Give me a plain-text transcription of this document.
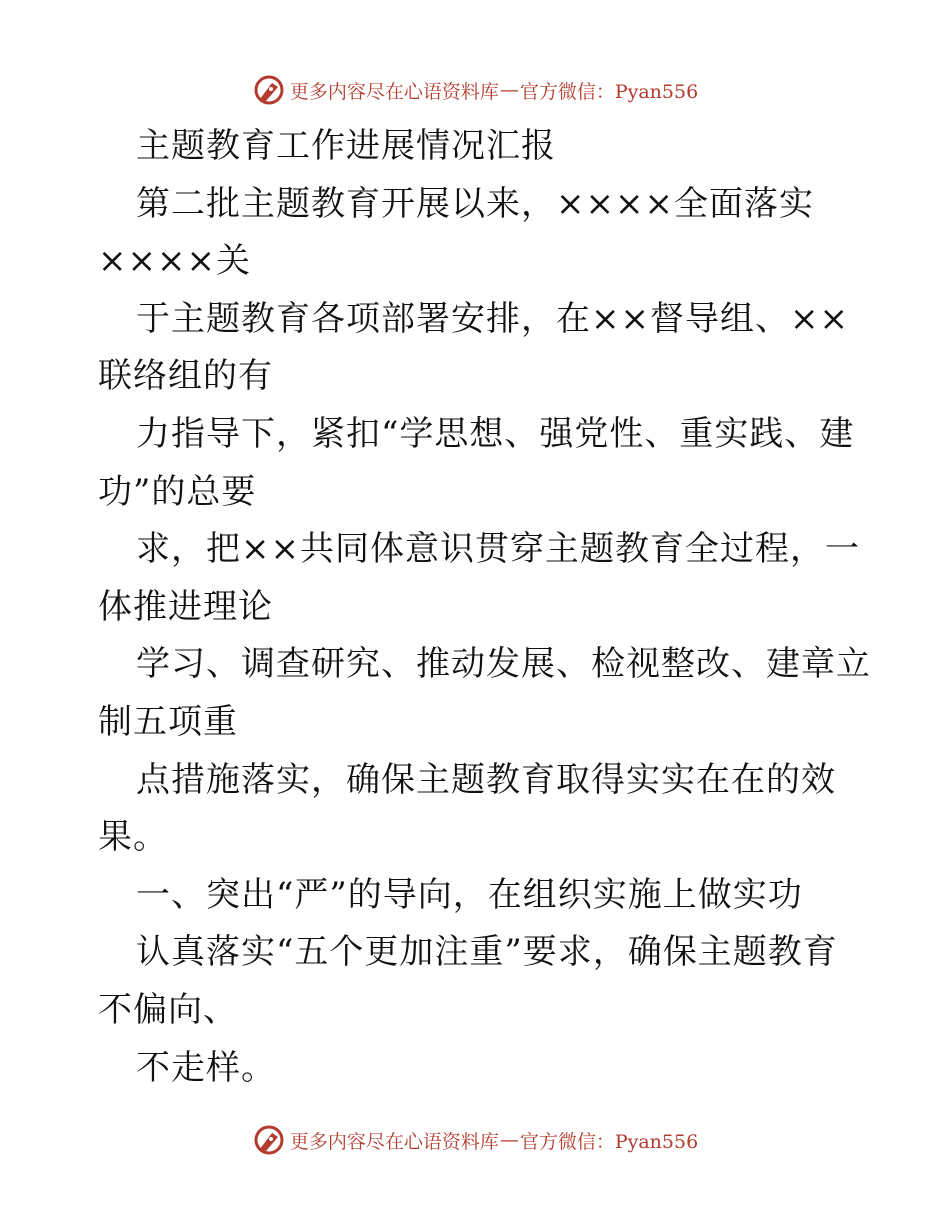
更多内容尽在心语资料库 — 官方微信：Pyan556
主题教育工作进展情况汇报
第二批主题教育开展以来，××××全面落实
××××关
于主题教育各项部署安排，在××督导组、××
联络组的有
力指导下，紧扣“学思想、强党性、重实践、建
功”的总要
求，把××共同体意识贯穿主题教育全过程，一
体推进理论
学习、调查研究、推动发展、检视整改、建章立
制五项重
点措施落实，确保主题教育取得实实在在的效
果。
一、突出“严”的导向，在组织实施上做实功
认真落实“五个更加注重”要求，确保主题教育
不偏向、
不走样。
更多内容尽在心语资料库 — 官方微信：Pyan556
